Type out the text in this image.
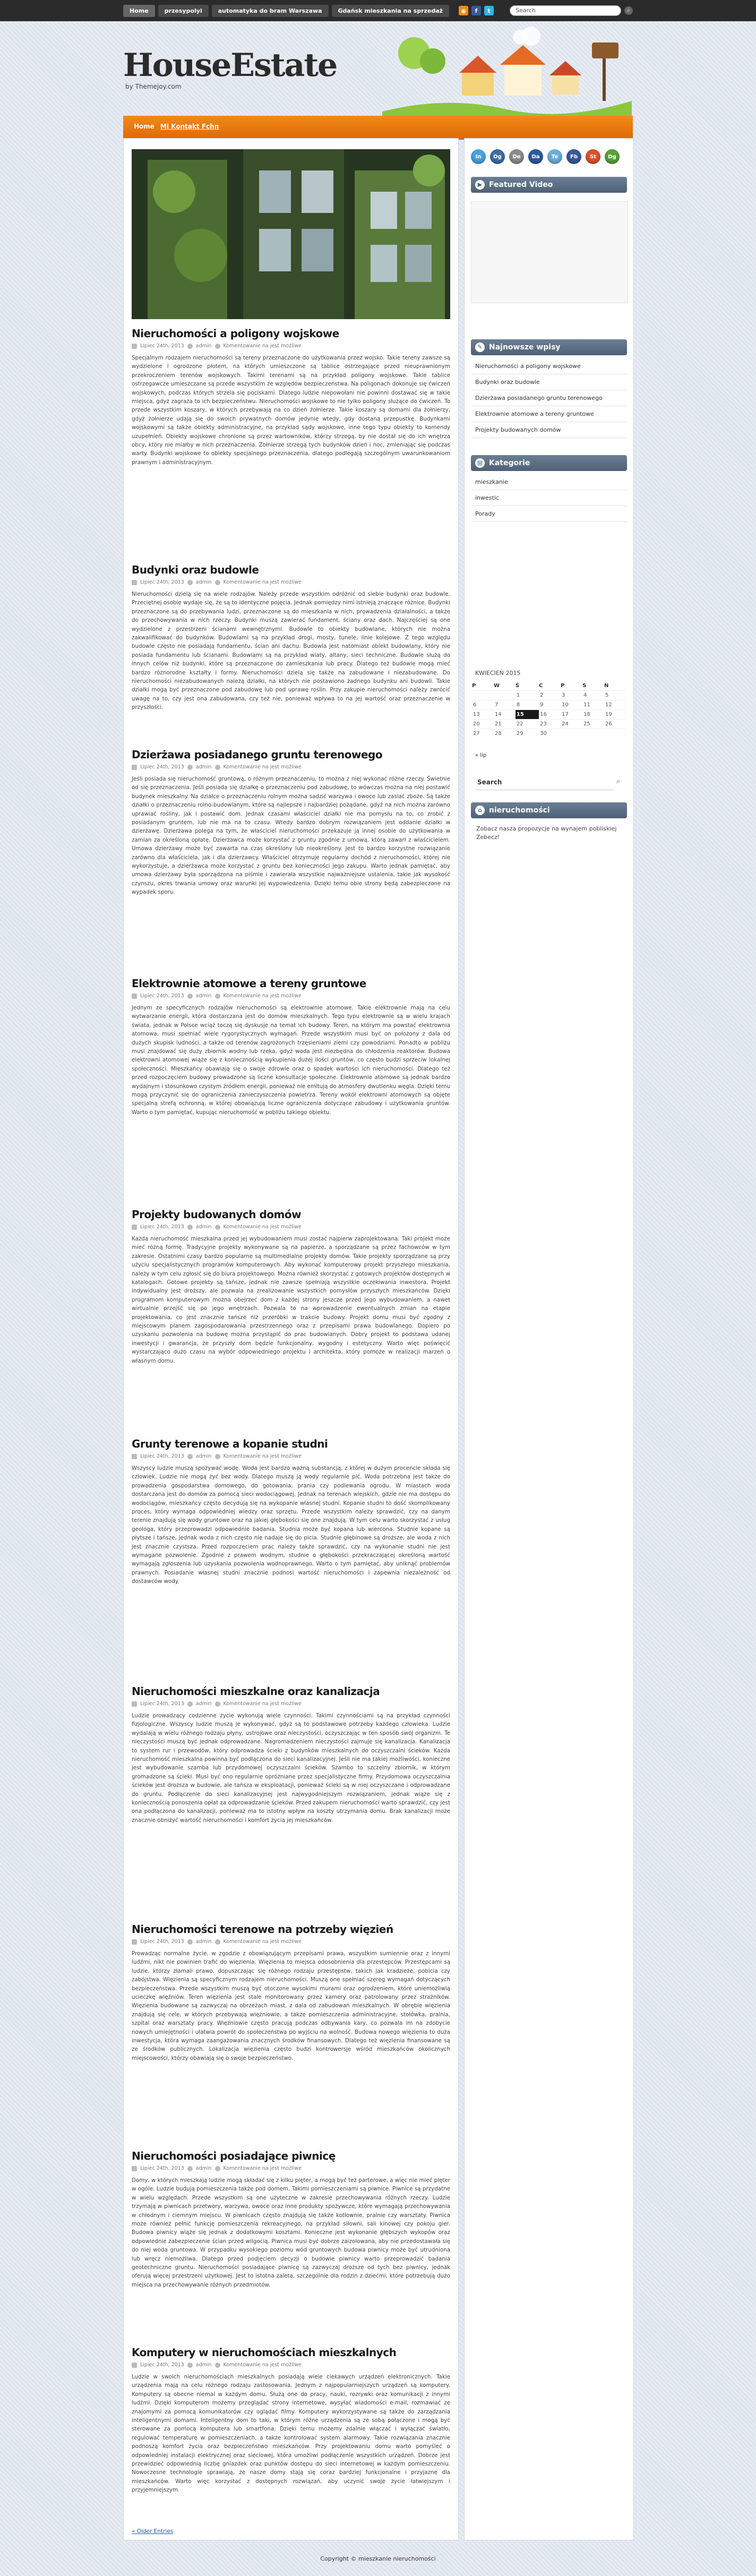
Home	przesypolyi	automatyka do bram Warszawa	Gdańsk mieszkania na sprzedaż	◉	f	t	Search	⌕
HouseEstate
by Themejoy.com
Home Mi Kontakt Fchn
Nieruchomości a poligony wojskowe
Lipiec 24th, 2013 admin Komentowanie na jest możliwe
Specjalnym rodzajem nieruchomości są tereny przeznaczone do użytkowania przez wojsko. Takie tereny zawsze są wydzielone i ogrodzone płotem, na których umieszczone są tablice ostrzegające przed nieuprawnionym przekroczeniem terenów wojskowych. Takimi terenami są na przykład poligony wojskowe. Takie tablice ostrzegawcze umieszczane są przede wszystkim ze względów bezpieczeństwa. Na poligonach dokonuje się ćwiczeń wojskowych, podczas których strzela się pociskami. Dlatego ludzie niepowołani nie powinni dostawać się w takie miejsca, gdyż zagraża to ich bezpieczeństwu. Nieruchomości wojskowe to nie tylko poligony służące do ćwiczeń. To przede wszystkim koszary, w których przebywają na co dzień żołnierze. Takie koszary są domami dla żołnierzy, gdyż żołnierze udają się do swoich prywatnych domów jedynie wtedy, gdy dostaną przepustkę. Budynkami wojskowymi są także obiekty administracyjne, na przykład sądy wojskowe, inne tego typu obiekty to komendy uzupełnień. Obiekty wojskowe chronione są przez wartowników, którzy strzegą, by nie dostał się do ich wnętrza obcy, który nie miałby w nich przeznaczenia. Żołnierze strzegą tych budynków dzień i noc, zmieniając się podczas warty. Budynki wojskowe to obiekty specjalnego przeznaczenia, dlatego podlegają szczególnym uwarunkowaniom prawnym i administracyjnym.
Budynki oraz budowle
Lipiec 24th, 2013 admin Komentowanie na jest możliwe
Nieruchomości dzielą się na wiele rodzajów. Należy przede wszystkim odróżnić od siebie budynki oraz budowle. Przeciętnej osobie wydaje się, że są to identyczne pojęcia. Jednak pomiędzy nimi istnieją znaczące różnice. Budynki przeznaczone są do przebywania ludzi, przeznaczone są do mieszkania w nich, prowadzenia działalności, a także do przechowywania w nich rzeczy. Budynki muszą zawierać fundament, ściany oraz dach. Najczęściej są one wydzielone z przestrzeni ścianami wewnętrznymi. Budowle to obiekty budowlane, których nie można zakwalifikować do budynków. Budowlami są na przykład drogi, mosty, tunele, linie kolejowe. Z tego względu budowle często nie posiadają fundamentu, ścian ani dachu. Budowla jest natomiast obiekt budowlany, który nie posiada fundamentu lub ścianami. Budowlami są na przykład wiaty, altany, sieci techniczne. Budowle służą do innych celów niż budynki, które są przeznaczone do zamieszkania lub pracy. Dlatego też budowle mogą mieć bardzo różnorodne kształty i formy. Nieruchomości dzielą się także na zabudowane i niezabudowane. Do nieruchomości niezabudowanych należą działki, na których nie postawiono żadnego budynku ani budowli. Takie działki mogą być przeznaczone pod zabudowę lub pod uprawę roślin. Przy zakupie nieruchomości należy zwrócić uwagę na to, czy jest ona zabudowana, czy też nie, ponieważ wpływa to na jej wartość oraz przeznaczenie w przyszłości.
Dzierżawa posiadanego gruntu terenowego
Lipiec 24th, 2013 admin Komentowanie na jest możliwe
Jeśli posiada się nieruchomość gruntową, o różnym przeznaczeniu, to można z niej wykonać różne rzeczy. Świetnie od się przeznaczenia. Jeśli posiada się działkę o przeznaczeniu pod zabudowę, to wówczas można na niej postawić budynek mieszkalny. Na działce o przeznaczeniu rolnym można sadzić warzywa i owoce lub zasiać zboże. Są także działki o przeznaczeniu rolno-budowlanym, które są najlepsze i najbardziej pożądane, gdyż na nich można zarówno uprawiać rośliny, jak i postawić dom. Jednak czasami właściciel działki nie ma pomysłu na to, co zrobić z posiadanym gruntem, lub nie ma na to czasu. Wtedy bardzo dobrym rozwiązaniem jest oddanie działki w dzierżawę. Dzierżawa polega na tym, że właściciel nieruchomości przekazuje ją innej osobie do użytkowania w zamian za określoną opłatę. Dzierżawca może korzystać z gruntu zgodnie z umową, którą zawarł z właścicielem. Umowa dzierżawy może być zawarta na czas określony lub nieokreślony. Jest to bardzo korzystne rozwiązanie zarówno dla właściciela, jak i dla dzierżawcy. Właściciel otrzymuje regularny dochód z nieruchomości, której nie wykorzystuje, a dzierżawca może korzystać z gruntu bez konieczności jego zakupu. Warto jednak pamiętać, aby umowa dzierżawy była sporządzona na piśmie i zawierała wszystkie najważniejsze ustalenia, takie jak wysokość czynszu, okres trwania umowy oraz warunki jej wypowiedzenia. Dzięki temu obie strony będą zabezpieczone na wypadek sporu.
Elektrownie atomowe a tereny gruntowe
Lipiec 24th, 2013 admin Komentowanie na jest możliwe
Jednym ze specyficznych rodzajów nieruchomości są elektrownie atomowe. Takie elektrownie mają na celu wytwarzanie energii, która dostarczana jest do domów mieszkalnych. Tego typu elektrownie są w wielu krajach świata, jednak w Polsce wciąż toczą się dyskusje na temat ich budowy. Teren, na którym ma powstać elektrownia atomowa, musi spełniać wiele rygorystycznych wymagań. Przede wszystkim musi być on położony z dala od dużych skupisk ludności, a także od terenów zagrożonych trzęsieniami ziemi czy powodziami. Ponadto w pobliżu musi znajdować się duży zbiornik wodny lub rzeka, gdyż woda jest niezbędna do chłodzenia reaktorów. Budowa elektrowni atomowej wiąże się z koniecznością wykupienia dużej ilości gruntów, co często budzi sprzeciw lokalnej społeczności. Mieszkańcy obawiają się o swoje zdrowie oraz o spadek wartości ich nieruchomości. Dlatego też przed rozpoczęciem budowy prowadzone są liczne konsultacje społeczne. Elektrownie atomowe są jednak bardzo wydajnym i stosunkowo czystym źródłem energii, ponieważ nie emitują do atmosfery dwutlenku węgla. Dzięki temu mogą przyczynić się do ograniczenia zanieczyszczenia powietrza. Tereny wokół elektrowni atomowych są objęte specjalną strefą ochronną, w której obowiązują liczne ograniczenia dotyczące zabudowy i użytkowania gruntów. Warto o tym pamiętać, kupując nieruchomość w pobliżu takiego obiektu.
Projekty budowanych domów
Lipiec 24th, 2013 admin Komentowanie na jest możliwe
Każda nieruchomość mieszkalna przed jej wybudowaniem musi zostać najpierw zaprojektowana. Taki projekt może mieć różną formę. Tradycyjne projekty wykonywane są na papierze, a sporządzane są przez fachowców w tym zakresie. Ostatnimi czasy bardzo popularne są multimedialne projekty domów. Takie projekty sporządzane są przy użyciu specjalistycznych programów komputerowych. Aby wykonać komputerowy projekt przyszłego mieszkania, należy w tym celu zgłosić się do biura projektowego. Można również skorzystać z gotowych projektów dostępnych w katalogach. Gotowe projekty są tańsze, jednak nie zawsze spełniają wszystkie oczekiwania inwestora. Projekt indywidualny jest droższy, ale pozwala na zrealizowanie wszystkich pomysłów przyszłych mieszkańców. Dzięki programom komputerowym można obejrzeć dom z każdej strony jeszcze przed jego wybudowaniem, a nawet wirtualnie przejść się po jego wnętrzach. Pozwala to na wprowadzenie ewentualnych zmian na etapie projektowania, co jest znacznie tańsze niż przeróbki w trakcie budowy. Projekt domu musi być zgodny z miejscowym planem zagospodarowania przestrzennego oraz z przepisami prawa budowlanego. Dopiero po uzyskaniu pozwolenia na budowę można przystąpić do prac budowlanych. Dobry projekt to podstawa udanej inwestycji i gwarancja, że przyszły dom będzie funkcjonalny, wygodny i estetyczny. Warto więc poświęcić wystarczająco dużo czasu na wybór odpowiedniego projektu i architekta, który pomoże w realizacji marzeń o własnym domu.
Grunty terenowe a kopanie studni
Lipiec 24th, 2013 admin Komentowanie na jest możliwe
Wszyscy ludzie muszą spożywać wodę. Woda jest bardzo ważną substancją, z której w dużym procencie składa się człowiek. Ludzie nie mogą żyć bez wody. Dlatego muszą ją wody regularnie pić. Woda potrzebna jest także do prowadzenia gospodarstwa domowego, do gotowania, prania czy podlewania ogrodu. W miastach woda dostarczana jest do domów za pomocą sieci wodociągowej. Jednak na terenach wiejskich, gdzie nie ma dostępu do wodociągów, mieszkańcy często decydują się na wykopanie własnej studni. Kopanie studni to dość skomplikowany proces, który wymaga odpowiedniej wiedzy oraz sprzętu. Przede wszystkim należy sprawdzić, czy na danym terenie znajdują się wody gruntowe oraz na jakiej głębokości się one znajdują. W tym celu warto skorzystać z usług geologa, który przeprowadzi odpowiednie badania. Studnia może być kopana lub wiercona. Studnie kopane są płytsze i tańsze, jednak woda z nich często nie nadaje się do picia. Studnie głębinowe są droższe, ale woda z nich jest znacznie czystsza. Przed rozpoczęciem prac należy także sprawdzić, czy na wykonanie studni nie jest wymagane pozwolenie. Zgodnie z prawem wodnym, studnie o głębokości przekraczającej określoną wartość wymagają zgłoszenia lub uzyskania pozwolenia wodnoprawnego. Warto o tym pamiętać, aby uniknąć problemów prawnych. Posiadanie własnej studni znacznie podnosi wartość nieruchomości i zapewnia niezależność od dostawców wody.
Nieruchomości mieszkalne oraz kanalizacja
Lipiec 24th, 2013 admin Komentowanie na jest możliwe
Ludzie prowadzący codzienne życie wykonują wiele czynności. Takimi czynnościami są na przykład czynności fizjologiczne. Wszyscy ludzie muszą je wykonywać, gdyż są to podstawowe potrzeby każdego człowieka. Ludzie wydalają w wielu różnego rodzaju płyny, ustrojowe oraz nieczystości, oczyszczając w ten sposób swój organizm. Te nieczystości muszą być jednak odprowadzane. Nagromadzeniem nieczystości zajmuje się kanalizacja. Kanalizacja to system rur i przewodów, który odprowadza ścieki z budynków mieszkalnych do oczyszczalni ścieków. Każda nieruchomość mieszkalna powinna być podłączona do sieci kanalizacyjnej. Jeśli nie ma takiej możliwości, konieczne jest wybudowanie szamba lub przydomowej oczyszczalni ścieków. Szambo to szczelny zbiornik, w którym gromadzone są ścieki. Musi być ono regularnie opróżniane przez specjalistyczne firmy. Przydomowa oczyszczalnia ścieków jest droższa w budowie, ale tańsza w eksploatacji, ponieważ ścieki są w niej oczyszczane i odprowadzane do gruntu. Podłączenie do sieci kanalizacyjnej jest najwygodniejszym rozwiązaniem, jednak wiąże się z koniecznością ponoszenia opłat za odprowadzanie ścieków. Przed zakupem nieruchomości warto sprawdzić, czy jest ona podłączona do kanalizacji, ponieważ ma to istotny wpływ na koszty utrzymania domu. Brak kanalizacji może znacznie obniżyć wartość nieruchomości i komfort życia jej mieszkańców.
Nieruchomości terenowe na potrzeby więzień
Lipiec 24th, 2013 admin Komentowanie na jest możliwe
Prowadząc normalne życie, w zgodzie z obowiązującym przepisami prawa, wszystkim sumiennie oraz z innymi ludźmi, nikt nie powinien trafić do więzienia. Więzienia to miejsca odosobnienia dla przestępców. Przestępcami są ludzie, którzy złamali prawo, dopuszczając się różnego rodzaju przestępstw, takich jak kradzieże, pobicia czy zabójstwa. Więzienia są specyficznym rodzajem nieruchomości. Muszą one spełniać szereg wymagań dotyczących bezpieczeństwa. Przede wszystkim muszą być otoczone wysokimi murami oraz ogrodzeniem, które uniemożliwią ucieczkę więźniów. Teren więzienia jest stale monitorowany przez kamery oraz patrolowany przez strażników. Więzienia budowane są zazwyczaj na obrzeżach miast, z dala od zabudowań mieszkalnych. W obrębie więzienia znajdują się cele, w których przebywają więźniowie, a także pomieszczenia administracyjne, stołówka, pralnia, szpital oraz warsztaty pracy. Więźniowie często pracują podczas odbywania kary, co pozwala im na zdobycie nowych umiejętności i ułatwia powrót do społeczeństwa po wyjściu na wolność. Budowa nowego więzienia to duża inwestycja, która wymaga zaangażowania znacznych środków finansowych. Dlatego też więzienia finansowane są ze środków publicznych. Lokalizacja więzienia często budzi kontrowersje wśród mieszkańców okolicznych miejscowości, którzy obawiają się o swoje bezpieczeństwo.
Nieruchomości posiadające piwnicę
Lipiec 24th, 2013 admin Komentowanie na jest możliwe
Domy, w których mieszkają ludzie mogą składać się z kilku pięter, a mogą być też parterowe, a więc nie mieć pięter w ogóle. Ludzie budują pomieszczenia także pod domem. Takimi pomieszczeniami są piwnice. Piwnice są przydatne w wielu względach. Przede wszystkim są one użyteczne w zakresie przechowywania różnych rzeczy. Ludzie trzymają w piwnicach przetwory, warzywa, owoce oraz inne produkty spożywcze, które wymagają przechowywania w chłodnym i ciemnym miejscu. W piwnicach często znajdują się także kotłownie, pralnie czy warsztaty. Piwnica może również pełnić funkcję pomieszczenia rekreacyjnego, na przykład siłowni, sali kinowej czy pokoju gier. Budowa piwnicy wiąże się jednak z dodatkowymi kosztami. Konieczne jest wykonanie głębszych wykopów oraz odpowiednie zabezpieczenie ścian przed wilgocią. Piwnica musi być dobrze zaizolowana, aby nie przedostawała się do niej woda gruntowa. W przypadku wysokiego poziomu wód gruntowych budowa piwnicy może być utrudniona lub wręcz niemożliwa. Dlatego przed podjęciem decyzji o budowie piwnicy warto przeprowadzić badania geotechniczne gruntu. Nieruchomości posiadające piwnicę są zazwyczaj droższe od tych bez piwnicy, jednak oferują więcej przestrzeni użytkowej. Jest to istotna zaleta, szczególnie dla rodzin z dziećmi, które potrzebują dużo miejsca na przechowywanie różnych przedmiotów.
Komputery w nieruchomościach mieszkalnych
Lipiec 24th, 2013 admin Komentowanie na jest możliwe
Ludzie w swoich nieruchomościach mieszkalnych posiadają wiele ciekawych urządzeń elektronicznych. Takie urządzenia mają na celu różnego rodzaju zastosowania. Jednym z najpopularniejszych urządzeń są komputery. Komputery są obecne niemal w każdym domu. Służą one do pracy, nauki, rozrywki oraz komunikacji z innymi ludźmi. Dzięki komputerom możemy przeglądać strony internetowe, wysyłać wiadomości e-mail, rozmawiać ze znajomymi za pomocą komunikatorów czy oglądać filmy. Komputery wykorzystywane są także do zarządzania inteligentnymi domami. Inteligentny dom to taki, w którym różne urządzenia są ze sobą połączone i mogą być sterowane za pomocą komputera lub smartfona. Dzięki temu możemy zdalnie włączać i wyłączać światło, regulować temperaturę w pomieszczeniach, a także kontrolować system alarmowy. Takie rozwiązania znacznie podnoszą komfort życia oraz bezpieczeństwo mieszkańców. Przy projektowaniu domu warto pomyśleć o odpowiedniej instalacji elektrycznej oraz sieciowej, która umożliwi podłączenie wszystkich urządzeń. Dobrze jest przewidzieć odpowiednią liczbę gniazdek oraz punktów dostępu do sieci internetowej w każdym pomieszczeniu. Nowoczesne technologie sprawiają, że nasze domy stają się coraz bardziej funkcjonalne i przyjazne dla mieszkańców. Warto więc korzystać z dostępnych rozwiązań, aby uczynić swoje życie łatwiejszym i przyjemniejszym.
« Older Entries
In	Dg	De	Da	Te	Fb	St	Dg
▶ Featured Video
✎ Najnowsze wpisy
Nieruchomości a poligony wojskowe
Budynki oraz budowle
Dzierżawa posiadanego gruntu terenowego
Elektrownie atomowe a tereny gruntowe
Projekty budowanych domów
▤ Kategorie
mieszkanie
inwestic
Porady
KWIECIEŃ 2015
P	W	Ś	C	P	S	N
		1	2	3	4	5
6	7	8	9	10	11	12
13	14	15	16	17	18	19
20	21	22	23	24	25	26
27	28	29	30			
« lip
Search	⌕
⌂ nieruchomości
Zobacz nasza propozycje na wynajem pobliskiej Zebecz!
Copyright © mieszkanie nieruchomości
